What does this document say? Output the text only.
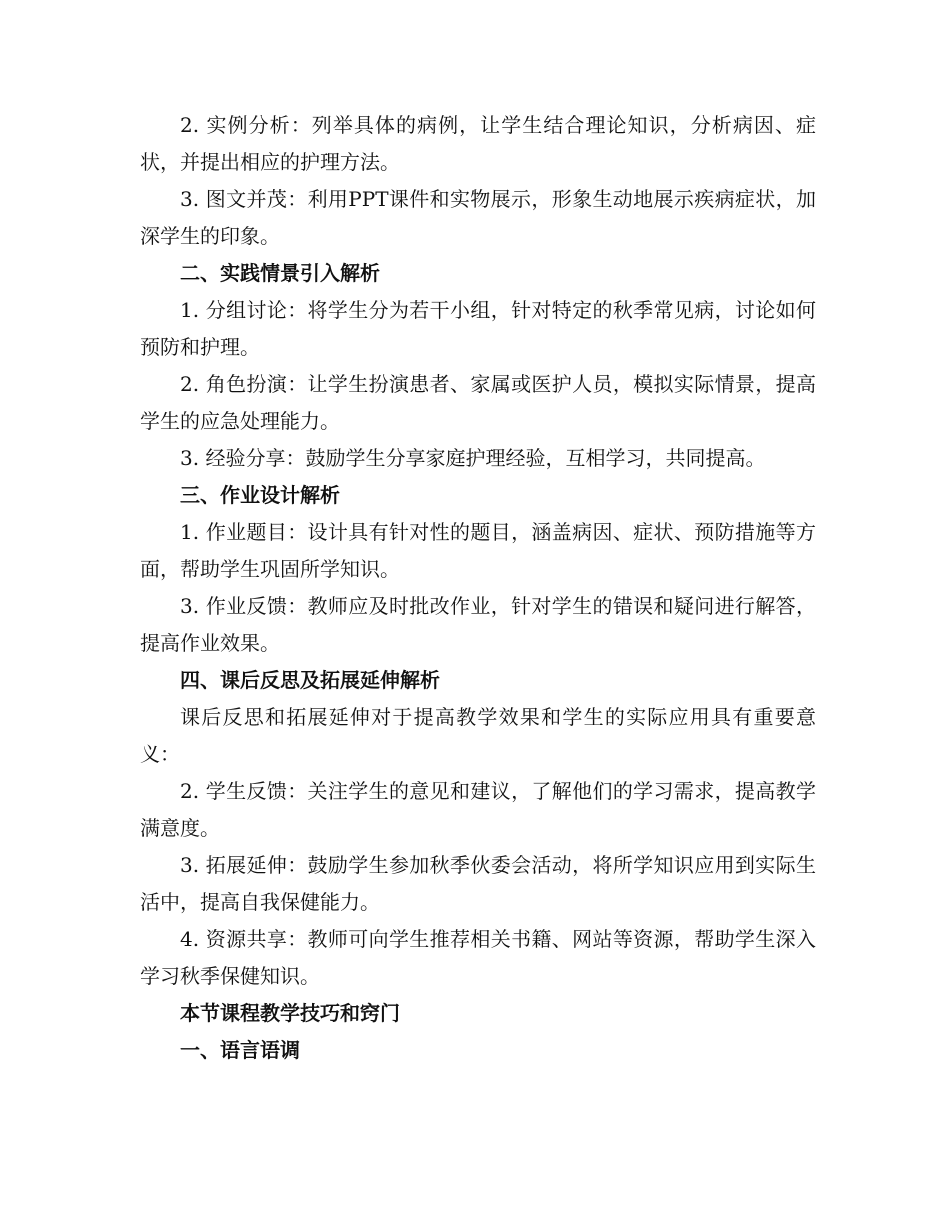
2. 实例分析：列举具体的病例，让学生结合理论知识，分析病因、症状，并提出相应的护理方法。

3. 图文并茂：利用PPT课件和实物展示，形象生动地展示疾病症状，加深学生的印象。

二、实践情景引入解析

1. 分组讨论：将学生分为若干小组，针对特定的秋季常见病，讨论如何预防和护理。

2. 角色扮演：让学生扮演患者、家属或医护人员，模拟实际情景，提高学生的应急处理能力。

3. 经验分享：鼓励学生分享家庭护理经验，互相学习，共同提高。

三、作业设计解析

1. 作业题目：设计具有针对性的题目，涵盖病因、症状、预防措施等方面，帮助学生巩固所学知识。

3. 作业反馈：教师应及时批改作业，针对学生的错误和疑问进行解答，提高作业效果。

四、课后反思及拓展延伸解析

课后反思和拓展延伸对于提高教学效果和学生的实际应用具有重要意义：

2. 学生反馈：关注学生的意见和建议，了解他们的学习需求，提高教学满意度。

3. 拓展延伸：鼓励学生参加秋季伙委会活动，将所学知识应用到实际生活中，提高自我保健能力。

4. 资源共享：教师可向学生推荐相关书籍、网站等资源，帮助学生深入学习秋季保健知识。

本节课程教学技巧和窍门

一、语言语调
